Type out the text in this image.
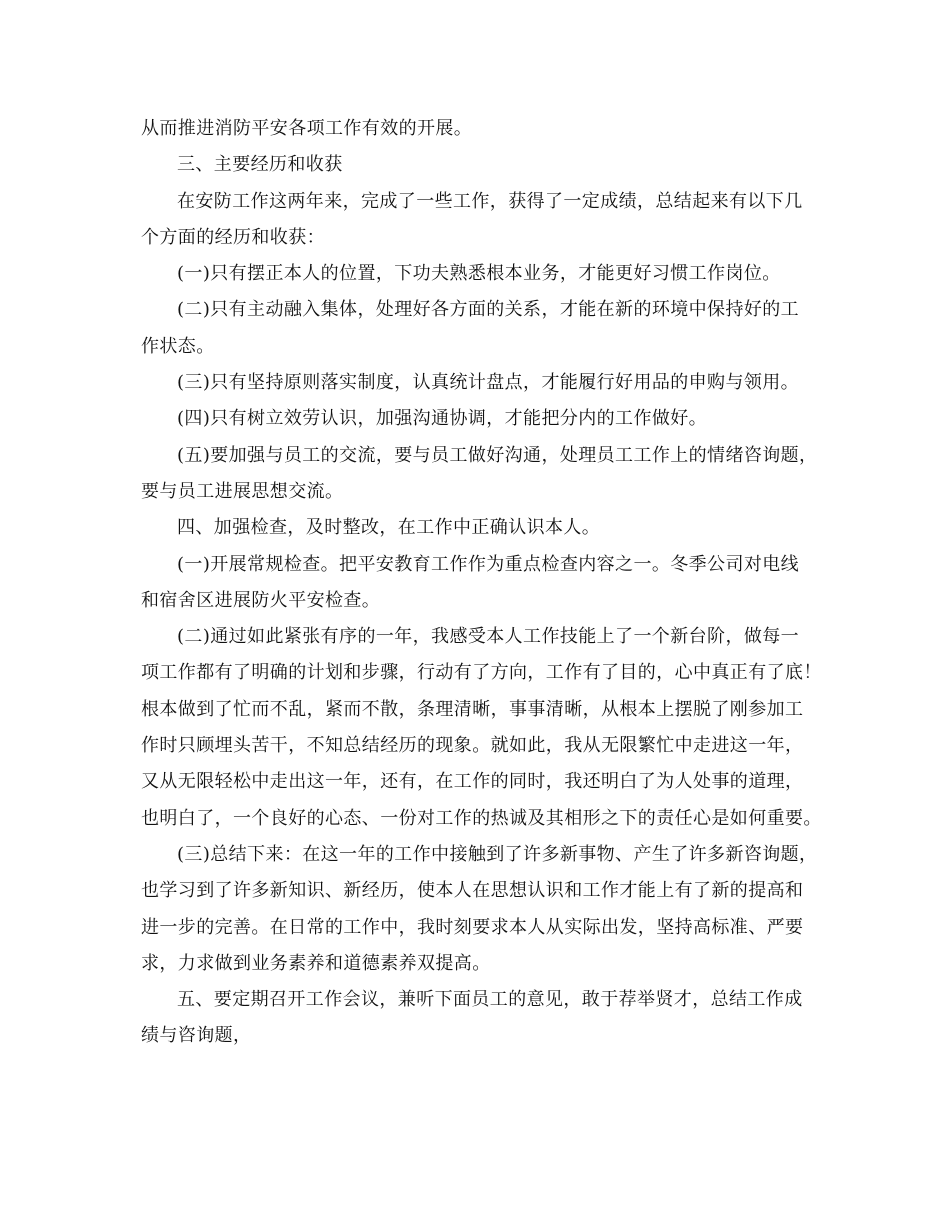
从而推进消防平安各项工作有效的开展。
三、主要经历和收获
在安防工作这两年来，完成了一些工作，获得了一定成绩，总结起来有以下几
个方面的经历和收获：
(一)只有摆正本人的位置，下功夫熟悉根本业务，才能更好习惯工作岗位。
(二)只有主动融入集体，处理好各方面的关系，才能在新的环境中保持好的工
作状态。
(三)只有坚持原则落实制度，认真统计盘点，才能履行好用品的申购与领用。
(四)只有树立效劳认识，加强沟通协调，才能把分内的工作做好。
(五)要加强与员工的交流，要与员工做好沟通，处理员工工作上的情绪咨询题，
要与员工进展思想交流。
四、加强检查，及时整改，在工作中正确认识本人。
(一)开展常规检查。把平安教育工作作为重点检查内容之一。冬季公司对电线
和宿舍区进展防火平安检查。
(二)通过如此紧张有序的一年，我感受本人工作技能上了一个新台阶，做每一
项工作都有了明确的计划和步骤，行动有了方向，工作有了目的，心中真正有了底！
根本做到了忙而不乱，紧而不散，条理清晰，事事清晰，从根本上摆脱了刚参加工
作时只顾埋头苦干，不知总结经历的现象。就如此，我从无限繁忙中走进这一年，
又从无限轻松中走出这一年，还有，在工作的同时，我还明白了为人处事的道理，
也明白了，一个良好的心态、一份对工作的热诚及其相形之下的责任心是如何重要。
(三)总结下来：在这一年的工作中接触到了许多新事物、产生了许多新咨询题，
也学习到了许多新知识、新经历，使本人在思想认识和工作才能上有了新的提高和
进一步的完善。在日常的工作中，我时刻要求本人从实际出发，坚持高标准、严要
求，力求做到业务素养和道德素养双提高。
五、要定期召开工作会议，兼听下面员工的意见，敢于荐举贤才，总结工作成
绩与咨询题，
